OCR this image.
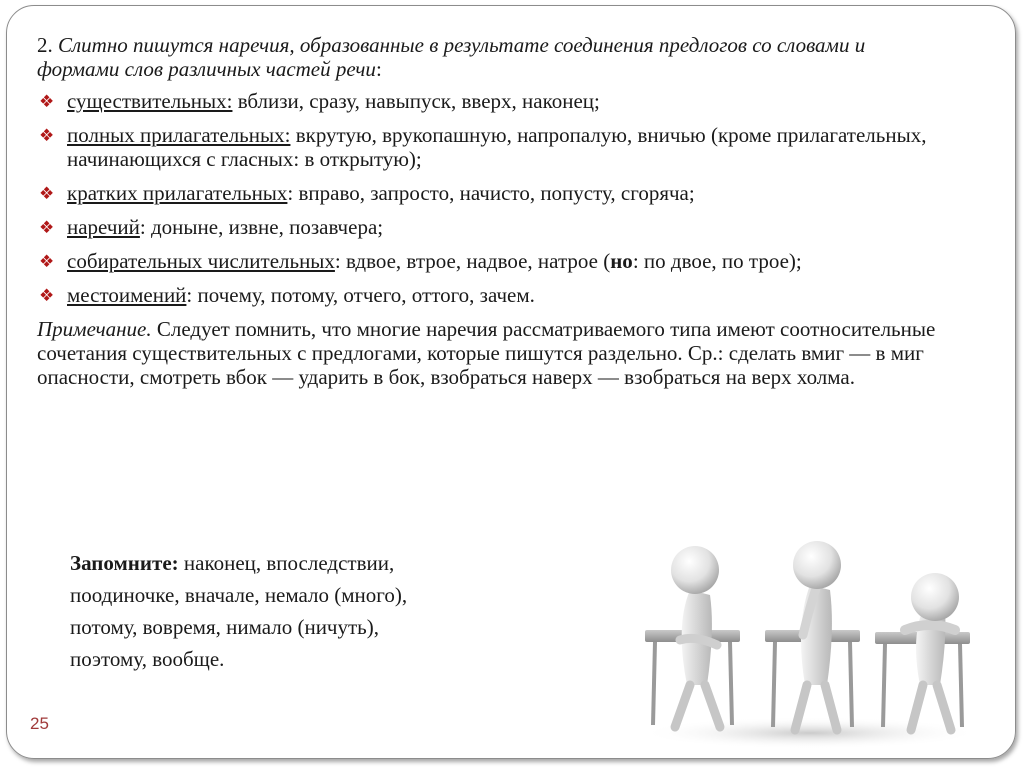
2. Слитно пишутся наречия, образованные в результате соединения предлогов со словами и формами слов различных частей речи:

❖ существительных: вблизи, сразу, навыпуск, вверх, наконец;
❖ полных прилагательных: вкрутую, врукопашную, напропалую, вничью (кроме прилагательных, начинающихся с гласных: в открытую);
❖ кратких прилагательных: вправо, запросто, начисто, попусту, сгоряча;
❖ наречий: доныне, извне, позавчера;
❖ собирательных числительных: вдвое, втрое, надвое, натрое (но: по двое, по трое);
❖ местоимений: почему, потому, отчего, оттого, зачем.

Примечание. Следует помнить, что многие наречия рассматриваемого типа имеют соотносительные сочетания существительных с предлогами, которые пишутся раздельно. Ср.: сделать вмиг — в миг опасности, смотреть вбок — ударить в бок, взобраться наверх — взобраться на верх холма.

Запомните: наконец, впоследствии,
поодиночке, вначале, немало (много),
потому, вовремя, нимало (ничуть),
поэтому, вообще.
25
